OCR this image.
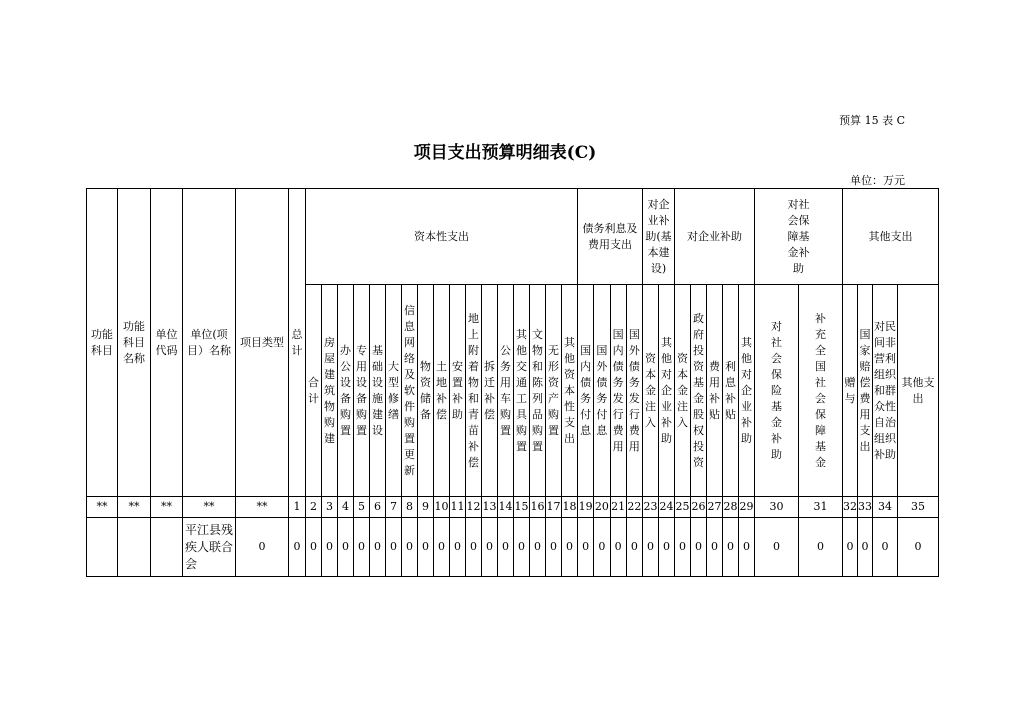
预算 15 表 C
项目支出预算明细表(C)
单位：万元
功能科目	功能科目名称	单位代码	单位(项目）名称	项目类型	总计	资本性支出																	债务利息及费用支出				对企业补助(基本建设)		对企业补助					对社会保障基金补助		其他支出			
						合计	房屋建筑物购建	办公设备购置	专用设备购置	基础设施建设	大型修缮	信息网络及软件购置更新	物资储备	土地补偿	安置补助	地上附着物和青苗补偿	拆迁补偿	公务用车购置	其他交通工具购置	文物和陈列品购置	无形资产购置	其他资本性支出	国内债务付息	国外债务付息	国内债务发行费用	国外债务发行费用	资本金注入	其他对企业补助	资本金注入	政府投资基金股权投资	费用补贴	利息补贴	其他对企业补助	对社会保险基金补助	补充全国社会保障基金	赠与	国家赔偿费用支出	对民间非营利组织和群众性自治组织补助	其他支出
**	**	**	**	**	1	2	3	4	5	6	7	8	9	10	11	12	13	14	15	16	17	18	19	20	21	22	23	24	25	26	27	28	29	30	31	32	33	34	35
			平江县残疾人联合会	0	0	0	0	0	0	0	0	0	0	0	0	0	0	0	0	0	0	0	0	0	0	0	0	0	0	0	0	0	0	0	0	0	0	0	0
